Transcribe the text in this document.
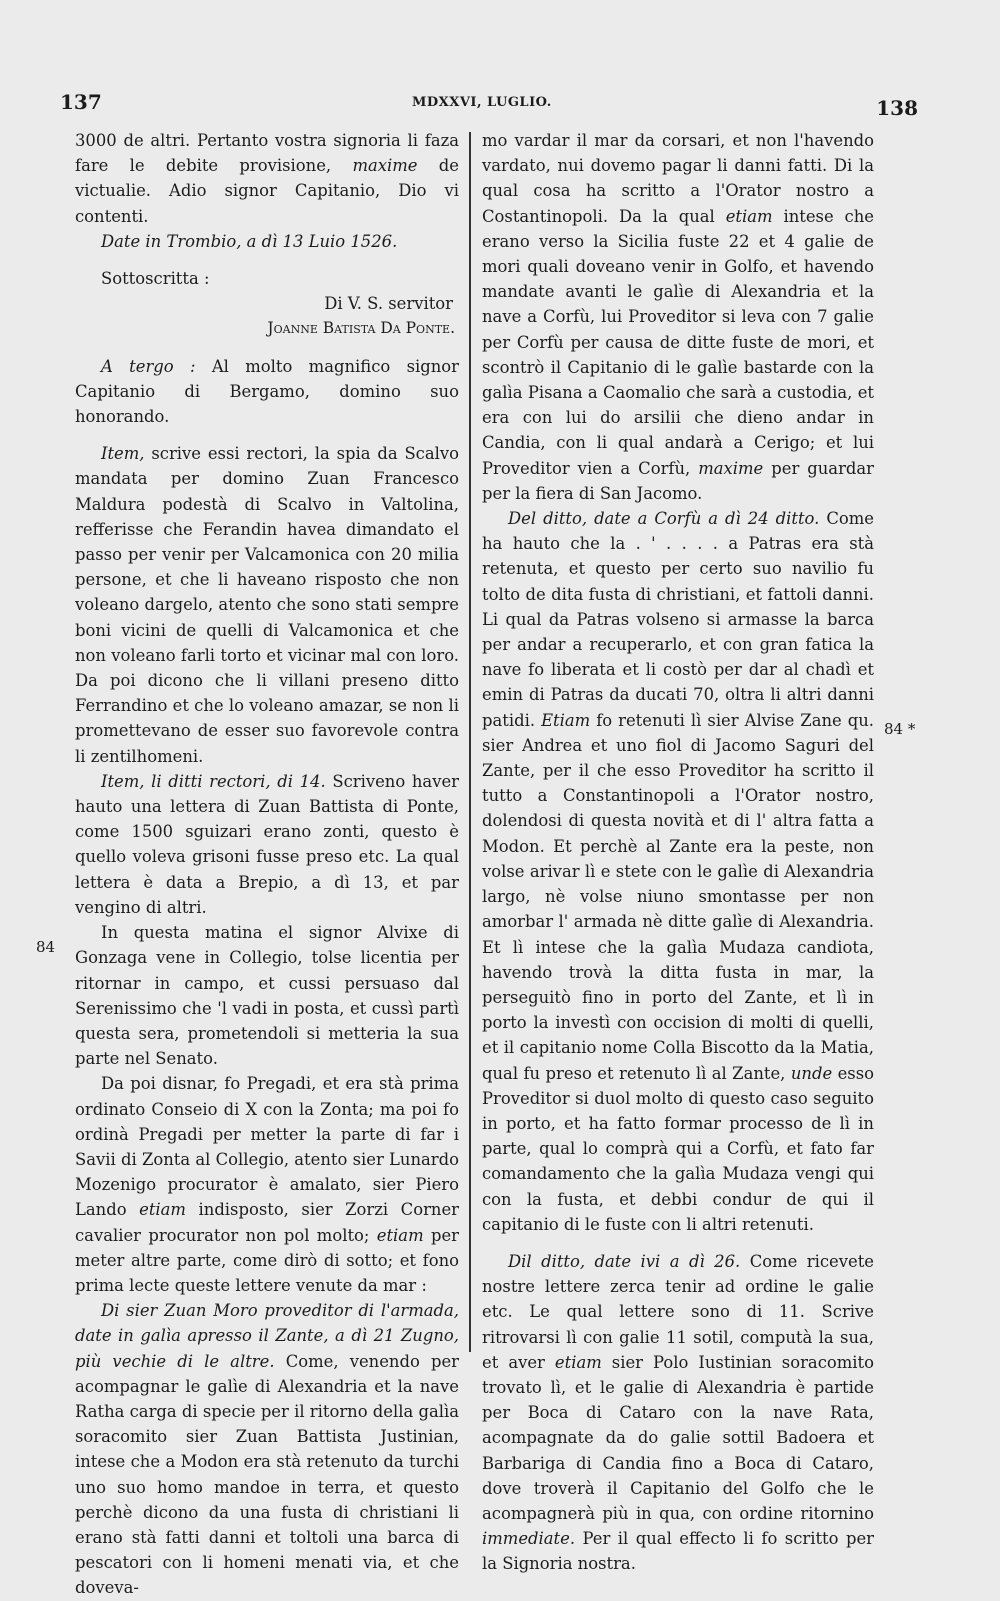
137	MDXXVI, LUGLIO.	138
84
84 *

3000 de altri. Pertanto vostra signoria li faza fare le debite provisione, maxime de victualie. Adio signor Capitanio, Dio vi contenti.

Date in Trombio, a dì 13 Luio 1526.

Sottoscritta :

Di V. S. servitor

Joanne Batista Da Ponte.

A tergo : Al molto magnifico signor Capitanio di Bergamo, domino suo honorando.

Item, scrive essi rectori, la spia da Scalvo mandata per domino Zuan Francesco Maldura podestà di Scalvo in Valtolina, refferisse che Ferandin havea dimandato el passo per venir per Valcamonica con 20 milia persone, et che li haveano risposto che non voleano dargelo, atento che sono stati sempre boni vicini de quelli di Valcamonica et che non voleano farli torto et vicinar mal con loro. Da poi dicono che li villani preseno ditto Ferrandino et che lo voleano amazar, se non li promettevano de esser suo favorevole contra li zentilhomeni.

Item, li ditti rectori, di 14. Scriveno haver hauto una lettera di Zuan Battista di Ponte, come 1500 sguizari erano zonti, questo è quello voleva grisoni fusse preso etc. La qual lettera è data a Brepio, a dì 13, et par vengino di altri.

In questa matina el signor Alvixe di Gonzaga vene in Collegio, tolse licentia per ritornar in campo, et cussi persuaso dal Serenissimo che 'l vadi in posta, et cussì partì questa sera, prometendoli si metteria la sua parte nel Senato.

Da poi disnar, fo Pregadi, et era stà prima ordinato Conseio di X con la Zonta; ma poi fo ordinà Pregadi per metter la parte di far i Savii di Zonta al Collegio, atento sier Lunardo Mozenigo procurator è amalato, sier Piero Lando etiam indisposto, sier Zorzi Corner cavalier procurator non pol molto; etiam per meter altre parte, come dirò di sotto; et fono prima lecte queste lettere venute da mar :

Di sier Zuan Moro proveditor di l'armada, date in galìa apresso il Zante, a dì 21 Zugno, più vechie di le altre. Come, venendo per acompagnar le galìe di Alexandria et la nave Ratha carga di specie per il ritorno della galìa soracomito sier Zuan Battista Justinian, intese che a Modon era stà retenuto da turchi uno suo homo mandoe in terra, et questo perchè dicono da una fusta di christiani li erano stà fatti danni et toltoli una barca di pescatori con li homeni menati via, et che doveva-

mo vardar il mar da corsari, et non l'havendo vardato, nui dovemo pagar li danni fatti. Di la qual cosa ha scritto a l'Orator nostro a Costantinopoli. Da la qual etiam intese che erano verso la Sicilia fuste 22 et 4 galie de mori quali doveano venir in Golfo, et havendo mandate avanti le galìe di Alexandria et la nave a Corfù, lui Proveditor si leva con 7 galie per Corfù per causa de ditte fuste de mori, et scontrò il Capitanio di le galìe bastarde con la galìa Pisana a Caomalio che sarà a custodia, et era con lui do arsilii che dieno andar in Candia, con li qual andarà a Cerigo; et lui Proveditor vien a Corfù, maxime per guardar per la fiera di San Jacomo.

Del ditto, date a Corfù a dì 24 ditto. Come ha hauto che la . ' . . . . a Patras era stà retenuta, et questo per certo suo navilio fu tolto de dita fusta di christiani, et fattoli danni. Li qual da Patras volseno si armasse la barca per andar a recuperarlo, et con gran fatica la nave fo liberata et li costò per dar al chadì et emin di Patras da ducati 70, oltra li altri danni patidi. Etiam fo retenuti lì sier Alvise Zane qu. sier Andrea et uno fiol di Jacomo Saguri del Zante, per il che esso Proveditor ha scritto il tutto a Constantinopoli a l'Orator nostro, dolendosi di questa novità et di l' altra fatta a Modon. Et perchè al Zante era la peste, non volse arivar lì e stete con le galìe di Alexandria largo, nè volse niuno smontasse per non amorbar l' armada nè ditte galìe di Alexandria. Et lì intese che la galìa Mudaza candiota, havendo trovà la ditta fusta in mar, la perseguitò fino in porto del Zante, et lì in porto la investì con occision di molti di quelli, et il capitanio nome Colla Biscotto da la Matia, qual fu preso et retenuto lì al Zante, unde esso Proveditor si duol molto di questo caso seguito in porto, et ha fatto formar processo de lì in parte, qual lo comprà qui a Corfù, et fato far comandamento che la galìa Mudaza vengi qui con la fusta, et debbi condur de qui il capitanio di le fuste con li altri retenuti.

Dil ditto, date ivi a dì 26. Come ricevete nostre lettere zerca tenir ad ordine le galie etc. Le qual lettere sono di 11. Scrive ritrovarsi lì con galie 11 sotil, computà la sua, et aver etiam sier Polo Iustinian soracomito trovato lì, et le galie di Alexandria è partide per Boca di Cataro con la nave Rata, acompagnate da do galie sottil Badoera et Barbariga di Candia fino a Boca di Cataro, dove troverà il Capitanio del Golfo che le acompagnerà più in qua, con ordine ritornino immediate. Per il qual effecto li fo scritto per la Signoria nostra.
